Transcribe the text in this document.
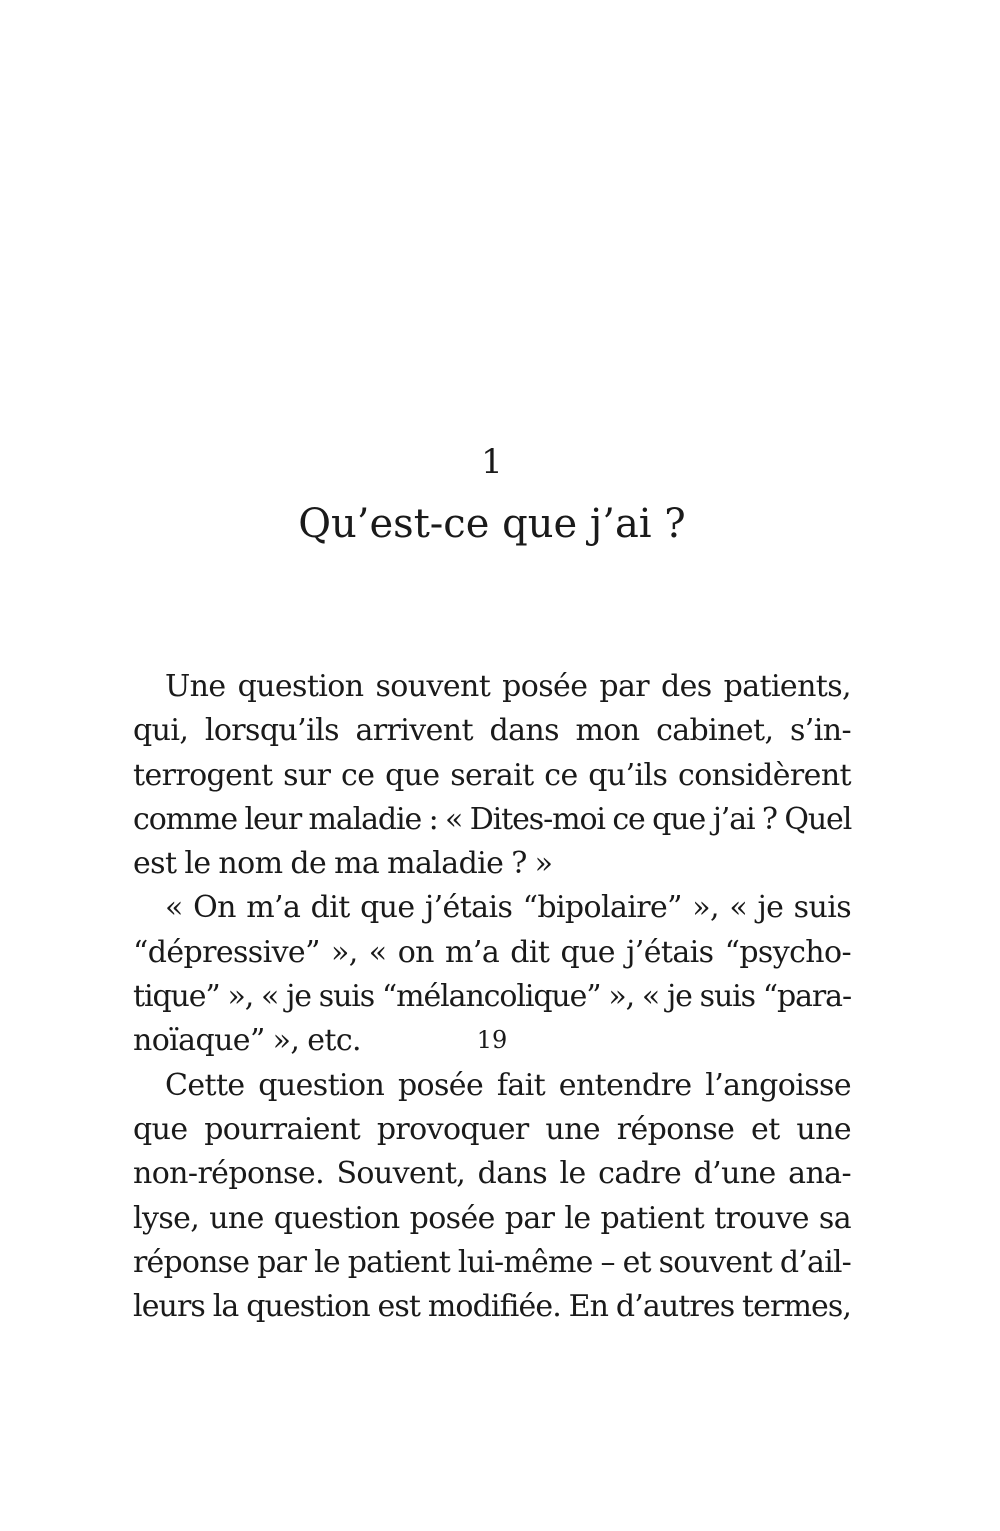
1
Qu’est-ce que j’ai ?
Une question souvent posée par des patients,
qui, lorsqu’ils arrivent dans mon cabinet, s’in-
terrogent sur ce que serait ce qu’ils considèrent
comme leur maladie : « Dites-moi ce que j’ai ? Quel
est le nom de ma maladie ? »
« On m’a dit que j’étais “bipolaire” », « je suis
“dépressive” », « on m’a dit que j’étais “psycho-
tique” », « je suis “mélancolique” », « je suis “para-
noïaque” », etc.
Cette question posée fait entendre l’angoisse
que pourraient provoquer une réponse et une
non-réponse. Souvent, dans le cadre d’une ana-
lyse, une question posée par le patient trouve sa
réponse par le patient lui-même – et souvent d’ail-
leurs la question est modifiée. En d’autres termes,
19
